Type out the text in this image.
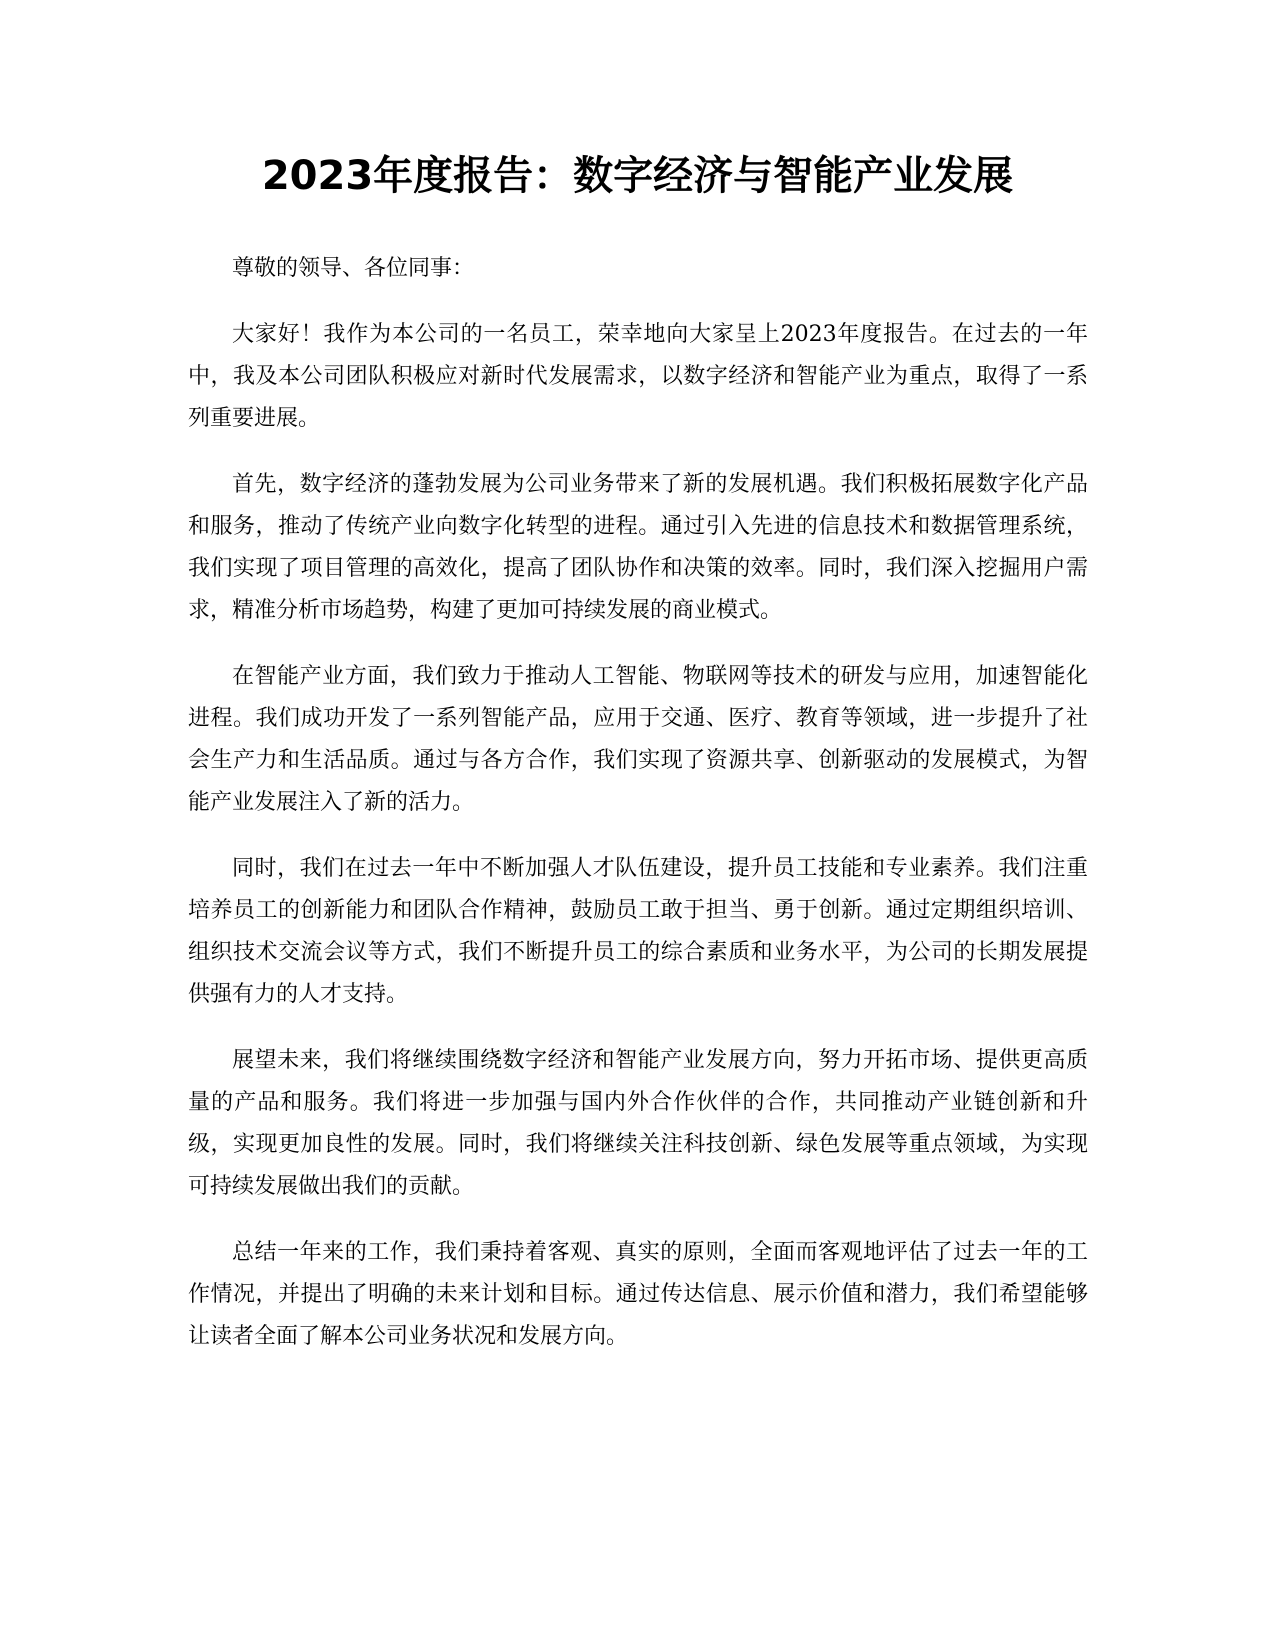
2023年度报告：数字经济与智能产业发展

尊敬的领导、各位同事：

大家好！我作为本公司的一名员工，荣幸地向大家呈上2023年度报告。在过去的一年中，我及本公司团队积极应对新时代发展需求，以数字经济和智能产业为重点，取得了一系列重要进展。

首先，数字经济的蓬勃发展为公司业务带来了新的发展机遇。我们积极拓展数字化产品和服务，推动了传统产业向数字化转型的进程。通过引入先进的信息技术和数据管理系统，我们实现了项目管理的高效化，提高了团队协作和决策的效率。同时，我们深入挖掘用户需求，精准分析市场趋势，构建了更加可持续发展的商业模式。

在智能产业方面，我们致力于推动人工智能、物联网等技术的研发与应用，加速智能化进程。我们成功开发了一系列智能产品，应用于交通、医疗、教育等领域，进一步提升了社会生产力和生活品质。通过与各方合作，我们实现了资源共享、创新驱动的发展模式，为智能产业发展注入了新的活力。

同时，我们在过去一年中不断加强人才队伍建设，提升员工技能和专业素养。我们注重培养员工的创新能力和团队合作精神，鼓励员工敢于担当、勇于创新。通过定期组织培训、组织技术交流会议等方式，我们不断提升员工的综合素质和业务水平，为公司的长期发展提供强有力的人才支持。

展望未来，我们将继续围绕数字经济和智能产业发展方向，努力开拓市场、提供更高质量的产品和服务。我们将进一步加强与国内外合作伙伴的合作，共同推动产业链创新和升级，实现更加良性的发展。同时，我们将继续关注科技创新、绿色发展等重点领域，为实现可持续发展做出我们的贡献。

总结一年来的工作，我们秉持着客观、真实的原则，全面而客观地评估了过去一年的工作情况，并提出了明确的未来计划和目标。通过传达信息、展示价值和潜力，我们希望能够让读者全面了解本公司业务状况和发展方向。
